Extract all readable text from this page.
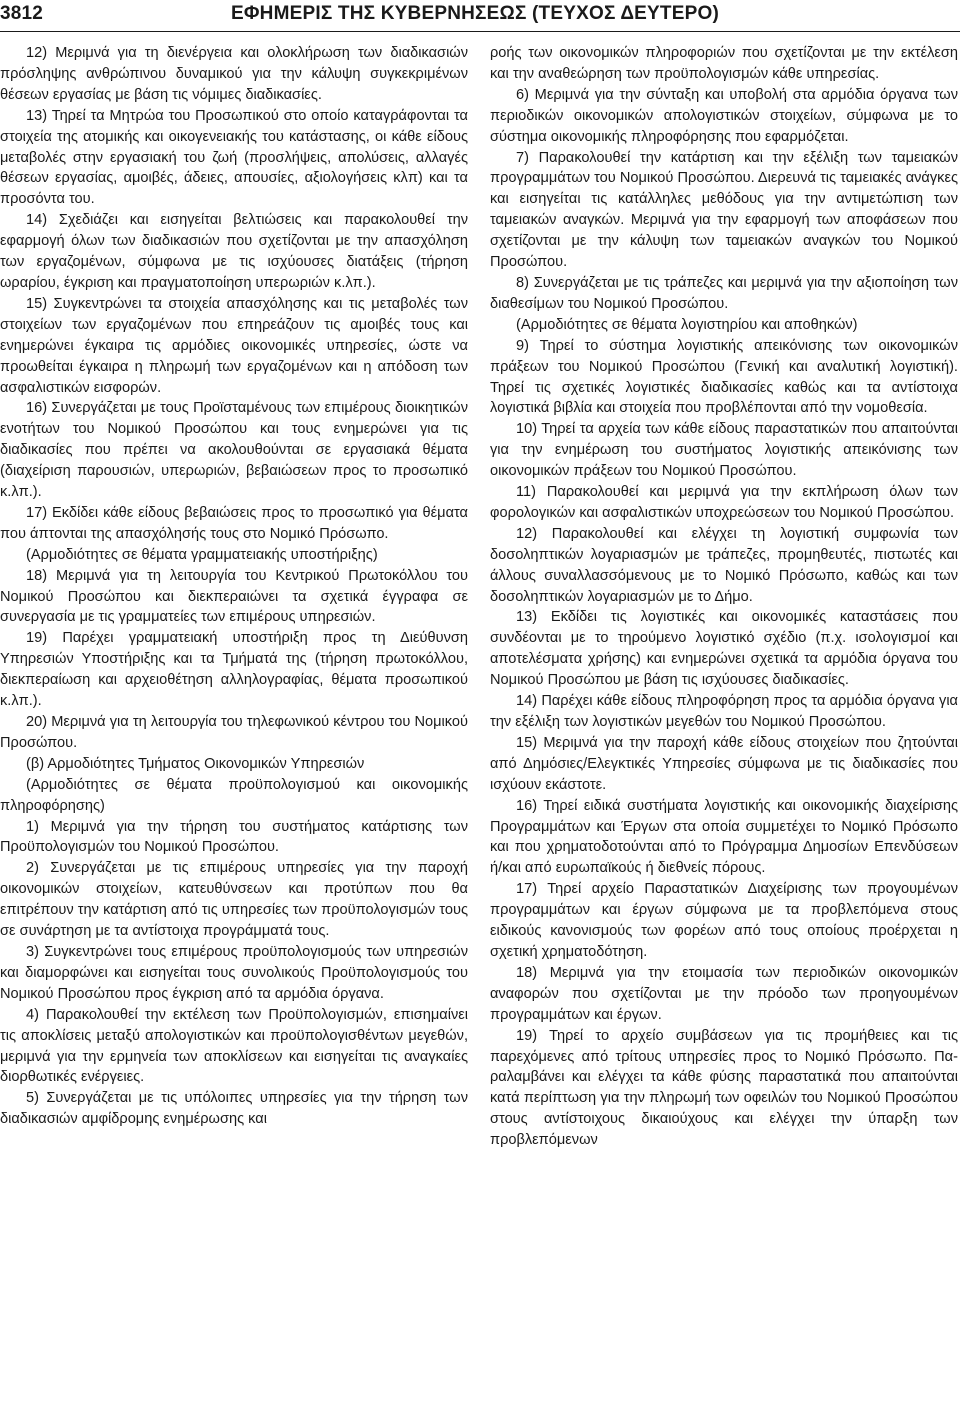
3812	ΕΦΗΜΕΡΙΣ ΤΗΣ ΚΥΒΕΡΝΗΣΕΩΣ (ΤΕΥΧΟΣ ΔΕΥΤΕΡΟ)

12) Μεριμνά για τη διενέργεια και ολοκλήρωση των διαδικασιών πρόσληψης ανθρώπινου δυναμικού για την κάλυψη συγκεκριμένων θέσεων εργασίας με βάση τις νόμιμες διαδικασίες.

13) Τηρεί τα Μητρώα του Προσωπικού στο οποίο καταγράφονται τα στοιχεία της ατομικής και οικογενειακής του κατάστασης, οι κάθε είδους μεταβολές στην εργασιακή του ζωή (προσλήψεις, απολύσεις, αλλαγές θέσεων εργασίας, αμοιβές, άδειες, απουσίες, αξιολογήσεις κλπ) και τα προσόντα του.

14) Σχεδιάζει και εισηγείται βελτιώσεις και παρακολουθεί την εφαρμογή όλων των διαδικασιών που σχετίζονται με την απασχόληση των εργαζομένων, σύμφωνα με τις ισχύουσες διατάξεις (τήρηση ωραρίου, έγκριση και πραγματοποίηση υπερωριών κ.λπ.).

15) Συγκεντρώνει τα στοιχεία απασχόλησης και τις μεταβολές των στοιχείων των εργαζομένων που επηρεάζουν τις αμοιβές τους και ενημερώνει έγκαιρα τις αρμόδιες οικονομικές υπηρεσίες, ώστε να προωθείται έγκαιρα η πληρωμή των εργαζομένων και η απόδοση των ασφαλιστικών εισφορών.

16) Συνεργάζεται με τους Προϊσταμένους των επιμέρους διοικητικών ενοτήτων του Νομικού Προσώπου και τους ενημερώνει για τις διαδικασίες που πρέπει να ακολουθούνται σε εργασιακά θέματα (διαχείριση παρουσιών, υπερωριών, βεβαιώσεων προς το προσωπικό κ.λπ.).

17) Εκδίδει κάθε είδους βεβαιώσεις προς το προσωπικό για θέματα που άπτονται της απασχόλησής τους στο Νομικό Πρόσωπο.

(Αρμοδιότητες σε θέματα γραμματειακής υποστήριξης)

18) Μεριμνά για τη λειτουργία του Κεντρικού Πρωτοκόλλου του Νομικού Προσώπου και διεκπεραιώνει τα σχετικά έγγραφα σε συνεργασία με τις γραμματείες των επιμέρους υπηρεσιών.

19) Παρέχει γραμματειακή υποστήριξη προς τη Διεύθυνση Υπηρεσιών Υποστήριξης και τα Τμήματά της (τήρηση πρωτοκόλλου, διεκπεραίωση και αρχειοθέτηση αλληλογραφίας, θέματα προσωπικού κ.λπ.).

20) Μεριμνά για τη λειτουργία του τηλεφωνικού κέντρου του Νομικού Προσώπου.

(β) Αρμοδιότητες Τμήματος Οικονομικών Υπηρεσιών

(Αρμοδιότητες σε θέματα προϋπολογισμού και οικονομικής πληροφόρησης)

1) Μεριμνά για την τήρηση του συστήματος κατάρτισης των Προϋπολογισμών του Νομικού Προσώπου.

2) Συνεργάζεται με τις επιμέρους υπηρεσίες για την παροχή οικονομικών στοιχείων, κατευθύνσεων και προτύπων που θα επιτρέπουν την κατάρτιση από τις υπηρεσίες των προϋπολογισμών τους σε συνάρτηση με τα αντίστοιχα προγράμματά τους.

3) Συγκεντρώνει τους επιμέρους προϋπολογισμούς των υπηρεσιών και διαμορφώνει και εισηγείται τους συνολικούς Προϋπολογισμούς του Νομικού Προσώπου προς έγκριση από τα αρμόδια όργανα.

4) Παρακολουθεί την εκτέλεση των Προϋπολογισμών, επισημαίνει τις αποκλίσεις μεταξύ απολογιστικών και προϋπολογισθέντων μεγεθών, μεριμνά για την ερμηνεία των αποκλίσεων και εισηγείται τις αναγκαίες διορθωτικές ενέργειες.

5) Συνεργάζεται με τις υπόλοιπες υπηρεσίες για την τήρηση των διαδικασιών αμφίδρομης ενημέρωσης και

ροής των οικονομικών πληροφοριών που σχετίζονται με την εκτέλεση και την αναθεώρηση των προϋπολογισμών κάθε υπηρεσίας.

6) Μεριμνά για την σύνταξη και υποβολή στα αρμόδια όργανα των περιοδικών οικονομικών απολογιστικών στοιχείων, σύμφωνα με το σύστημα οικονομικής πληροφόρησης που εφαρμόζεται.

7) Παρακολουθεί την κατάρτιση και την εξέλιξη των ταμειακών προγραμμάτων του Νομικού Προσώπου. Διερευνά τις ταμειακές ανάγκες και εισηγείται τις κατάλληλες μεθόδους για την αντιμετώπιση των ταμειακών αναγκών. Μεριμνά για την εφαρμογή των αποφάσεων που σχετίζονται με την κάλυψη των ταμειακών αναγκών του Νομικού Προσώπου.

8) Συνεργάζεται με τις τράπεζες και μεριμνά για την αξιοποίηση των διαθεσίμων του Νομικού Προσώπου.

(Αρμοδιότητες σε θέματα λογιστηρίου και αποθηκών)

9) Τηρεί το σύστημα λογιστικής απεικόνισης των οικονομικών πράξεων του Νομικού Προσώπου (Γενική και αναλυτική λογιστική). Τηρεί τις σχετικές λογιστικές διαδικασίες καθώς και τα αντίστοιχα λογιστικά βιβλία και στοιχεία που προβλέπονται από την νομοθεσία.

10) Τηρεί τα αρχεία των κάθε είδους παραστατικών που απαιτούνται για την ενημέρωση του συστήματος λογιστικής απεικόνισης των οικονομικών πράξεων του Νομικού Προσώπου.

11) Παρακολουθεί και μεριμνά για την εκπλήρωση όλων των φορολογικών και ασφαλιστικών υποχρεώσεων του Νομικού Προσώπου.

12) Παρακολουθεί και ελέγχει τη λογιστική συμφωνία των δοσοληπτικών λογαριασμών με τράπεζες, προμηθευτές, πιστωτές και άλλους συναλλασσόμενους με το Νομικό Πρόσωπο, καθώς και των δοσοληπτικών λογαριασμών με το Δήμο.

13) Εκδίδει τις λογιστικές και οικονομικές καταστάσεις που συνδέονται με το τηρούμενο λογιστικό σχέδιο (π.χ. ισολογισμοί και αποτελέσματα χρήσης) και ενημερώνει σχετικά τα αρμόδια όργανα του Νομικού Προσώπου με βάση τις ισχύουσες διαδικασίες.

14) Παρέχει κάθε είδους πληροφόρηση προς τα αρμόδια όργανα για την εξέλιξη των λογιστικών μεγεθών του Νομικού Προσώπου.

15) Μεριμνά για την παροχή κάθε είδους στοιχείων που ζητούνται από Δημόσιες/Ελεγκτικές Υπηρεσίες σύμφωνα με τις διαδικασίες που ισχύουν εκάστοτε.

16) Τηρεί ειδικά συστήματα λογιστικής και οικονομικής διαχείρισης Προγραμμάτων και Έργων στα οποία συμμετέχει το Νομικό Πρόσωπο και που χρηματοδοτούνται από το Πρόγραμμα Δημοσίων Επενδύσεων ή/και από ευρωπαϊκούς ή διεθνείς πόρους.

17) Τηρεί αρχείο Παραστατικών Διαχείρισης των προγουμένων προγραμμάτων και έργων σύμφωνα με τα προβλεπόμενα στους ειδικούς κανονισμούς των φορέων από τους οποίους προέρχεται η σχετική χρηματοδότηση.

18) Μεριμνά για την ετοιμασία των περιοδικών οικονομικών αναφορών που σχετίζονται με την πρόοδο των προηγουμένων προγραμμάτων και έργων.

19) Τηρεί το αρχείο συμβάσεων για τις προμήθειες και τις παρεχόμενες από τρίτους υπηρεσίες προς το Νομικό Πρόσωπο. Παραλαμβάνει και ελέγχει τα κάθε φύσης παραστατικά που απαιτούνται κατά περίπτωση για την πληρωμή των οφειλών του Νομικού Προσώπου στους αντίστοιχους δικαιούχους και ελέγχει την ύπαρξη των προβλεπόμενων
